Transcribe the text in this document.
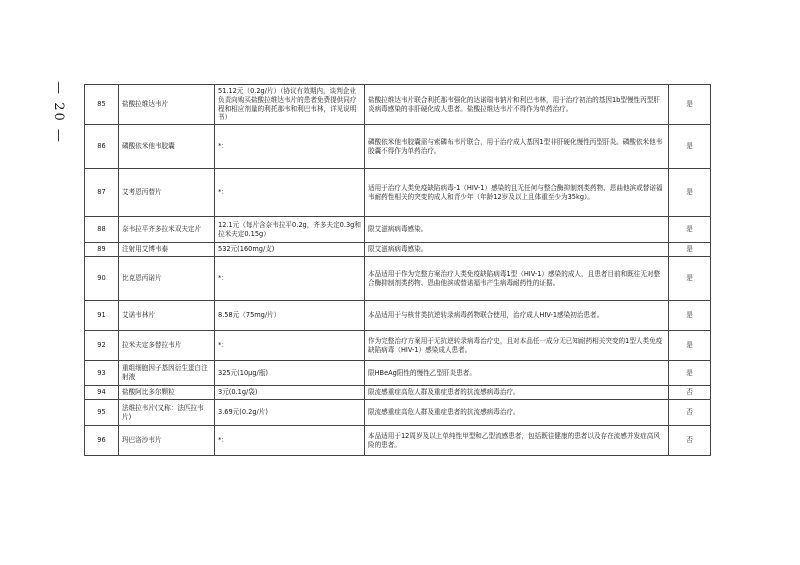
— 20 —	85	盐酸拉维达韦片	51.12元（0.2g/片）（协议有效期内，谈判企业负责向购买盐酸拉维达韦片的患者免费提供同疗程和相应剂量的利托那韦和利巴韦林，详见说明书）	盐酸拉维达韦片联合利托那韦强化的达诺瑞韦钠片和利巴韦林，用于治疗初治的基因1b型慢性丙型肝炎病毒感染的非肝硬化成人患者。盐酸拉维达韦片不得作为单药治疗。	是
86	磷酸依米他韦胶囊	*：	磷酸依米他韦胶囊需与索磷布韦片联合，用于治疗成人基因1型非肝硬化慢性丙型肝炎。磷酸依米他韦胶囊不得作为单药治疗。	是
87	艾考恩丙替片	*：	适用于治疗人类免疫缺陷病毒-1（HIV-1）感染的且无任何与整合酶抑制剂类药物、恩曲他滨或替诺福韦耐药性相关的突变的成人和青少年（年龄12岁及以上且体重至少为35kg）。	是
88	奈韦拉平齐多拉米双夫定片	12.1元（每片含奈韦拉平0.2g，齐多夫定0.3g和拉米夫定0.15g）	限艾滋病病毒感染。	是
89	注射用艾博韦泰	532元(160mg/支)	限艾滋病病毒感染。	是
90	比克恩丙诺片	*：	本品适用于作为完整方案治疗人类免疫缺陷病毒1型（HIV-1）感染的成人，且患者目前和既往无对整合酶抑制剂类药物、恩曲他滨或替诺福韦产生病毒耐药性的证据。	是
91	艾诺韦林片	8.58元（75mg/片）	本品适用于与核苷类抗逆转录病毒药物联合使用，治疗成人HIV-1感染初治患者。	是
92	拉米夫定多替拉韦片	*：	作为完整治疗方案用于无抗逆转录病毒治疗史，且对本品任一成分无已知耐药相关突变的1型人类免疫缺陷病毒（HIV-1）感染成人患者。	是
93	重组细胞因子基因衍生蛋白注射液	325元(10μg/瓶)	限HBeAg阳性的慢性乙型肝炎患者。	是
94	盐酸阿比多尔颗粒	3元(0.1g/袋)	限流感重症高危人群及重症患者的抗流感病毒治疗。	否
95	法维拉韦片(又称：法匹拉韦片)	3.69元(0.2g/片)	限流感重症高危人群及重症患者的抗流感病毒治疗。	否
96	玛巴洛沙韦片	*：	本品适用于12周岁及以上单纯性甲型和乙型流感患者，包括既往健康的患者以及存在流感并发症高风险的患者。	否
